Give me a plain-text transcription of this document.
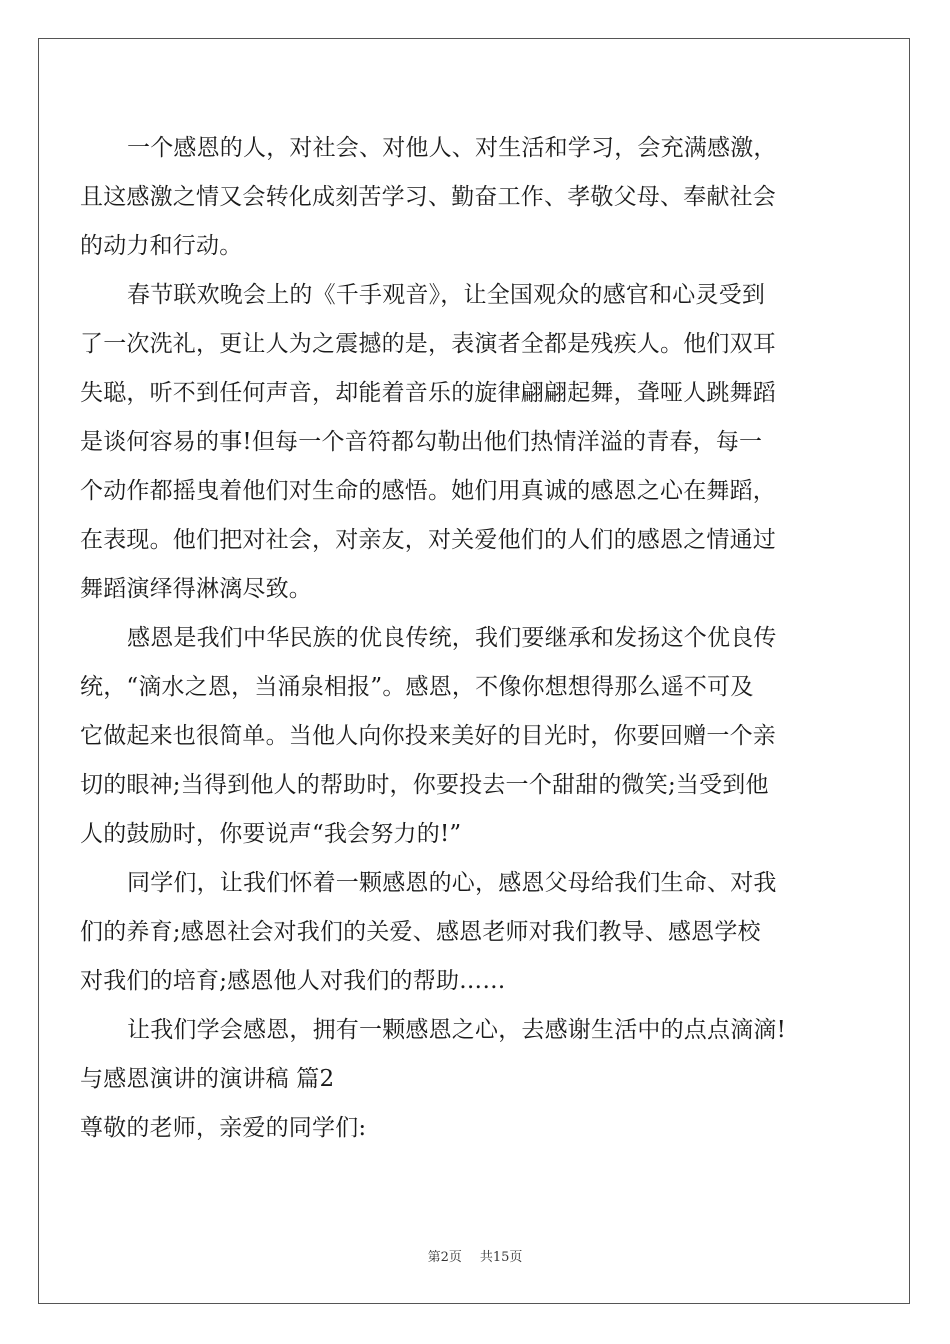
一个感恩的人，对社会、对他人、对生活和学习，会充满感激，
且这感激之情又会转化成刻苦学习、勤奋工作、孝敬父母、奉献社会
的动力和行动。
春节联欢晚会上的《千手观音》，让全国观众的感官和心灵受到
了一次洗礼，更让人为之震撼的是，表演者全都是残疾人。他们双耳
失聪，听不到任何声音，却能着音乐的旋律翩翩起舞，聋哑人跳舞蹈
是谈何容易的事!但每一个音符都勾勒出他们热情洋溢的青春，每一
个动作都摇曳着他们对生命的感悟。她们用真诚的感恩之心在舞蹈，
在表现。他们把对社会，对亲友，对关爱他们的人们的感恩之情通过
舞蹈演绎得淋漓尽致。
感恩是我们中华民族的优良传统，我们要继承和发扬这个优良传
统，“滴水之恩，当涌泉相报”。感恩，不像你想想得那么遥不可及
它做起来也很简单。当他人向你投来美好的目光时，你要回赠一个亲
切的眼神;当得到他人的帮助时，你要投去一个甜甜的微笑;当受到他
人的鼓励时，你要说声“我会努力的!”
同学们，让我们怀着一颗感恩的心，感恩父母给我们生命、对我
们的养育;感恩社会对我们的关爱、感恩老师对我们教导、感恩学校
对我们的培育;感恩他人对我们的帮助……
让我们学会感恩，拥有一颗感恩之心，去感谢生活中的点点滴滴!
与感恩演讲的演讲稿 篇2
尊敬的老师，亲爱的同学们:
第2页 共15页
